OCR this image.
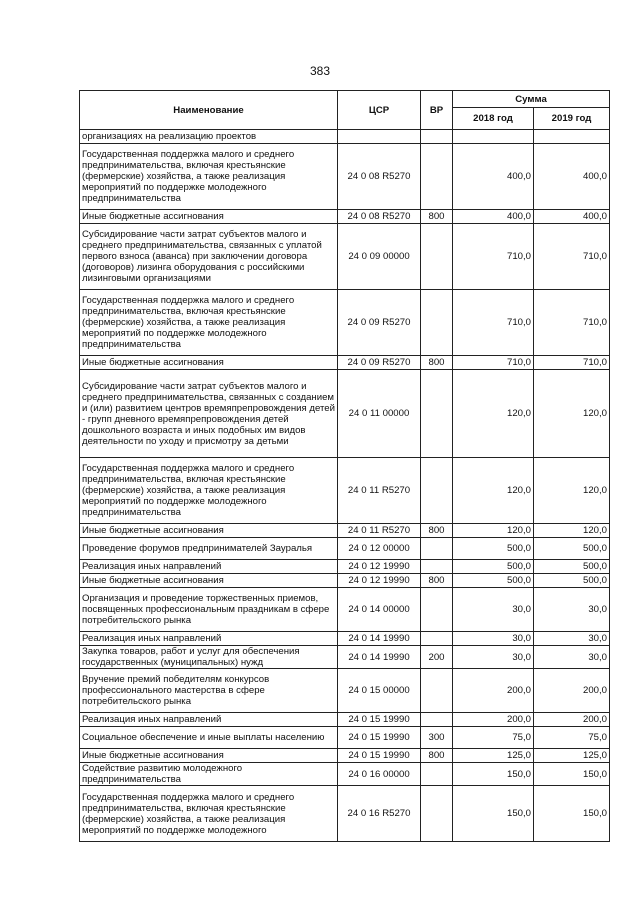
383
Наименование	ЦСР	ВР	Сумма	
			2018 год	2019 год
организациях на реализацию проектов				
Государственная поддержка малого и среднего предпринимательства, включая крестьянские (фермерские) хозяйства, а также реализация мероприятий по поддержке молодежного предпринимательства	24 0 08 R5270		400,0	400,0
Иные бюджетные ассигнования	24 0 08 R5270	800	400,0	400,0
Субсидирование части затрат субъектов малого и среднего предпринимательства, связанных с уплатой первого взноса (аванса) при заключении договора (договоров) лизинга оборудования с российскими лизинговыми организациями	24 0 09 00000		710,0	710,0
Государственная поддержка малого и среднего предпринимательства, включая крестьянские (фермерские) хозяйства, а также реализация мероприятий по поддержке молодежного предпринимательства	24 0 09 R5270		710,0	710,0
Иные бюджетные ассигнования	24 0 09 R5270	800	710,0	710,0
Субсидирование части затрат субъектов малого и среднего предпринимательства, связанных с созданием и (или) развитием центров времяпрепровождения детей - групп дневного времяпрепровождения детей дошкольного возраста и иных подобных им видов деятельности по уходу и присмотру за детьми	24 0 11 00000		120,0	120,0
Государственная поддержка малого и среднего предпринимательства, включая крестьянские (фермерские) хозяйства, а также реализация мероприятий по поддержке молодежного предпринимательства	24 0 11 R5270		120,0	120,0
Иные бюджетные ассигнования	24 0 11 R5270	800	120,0	120,0
Проведение форумов предпринимателей Зауралья	24 0 12 00000		500,0	500,0
Реализация иных направлений	24 0 12 19990		500,0	500,0
Иные бюджетные ассигнования	24 0 12 19990	800	500,0	500,0
Организация и проведение торжественных приемов, посвященных профессиональным праздникам в сфере потребительского рынка	24 0 14 00000		30,0	30,0
Реализация иных направлений	24 0 14 19990		30,0	30,0
Закупка товаров, работ и услуг для обеспечения государственных (муниципальных) нужд	24 0 14 19990	200	30,0	30,0
Вручение премий победителям конкурсов профессионального мастерства в сфере потребительского рынка	24 0 15 00000		200,0	200,0
Реализация иных направлений	24 0 15 19990		200,0	200,0
Социальное обеспечение и иные выплаты населению	24 0 15 19990	300	75,0	75,0
Иные бюджетные ассигнования	24 0 15 19990	800	125,0	125,0
Содействие развитию молодежного предпринимательства	24 0 16 00000		150,0	150,0
Государственная поддержка малого и среднего предпринимательства, включая крестьянские (фермерские) хозяйства, а также реализация мероприятий по поддержке молодежного	24 0 16 R5270		150,0	150,0
